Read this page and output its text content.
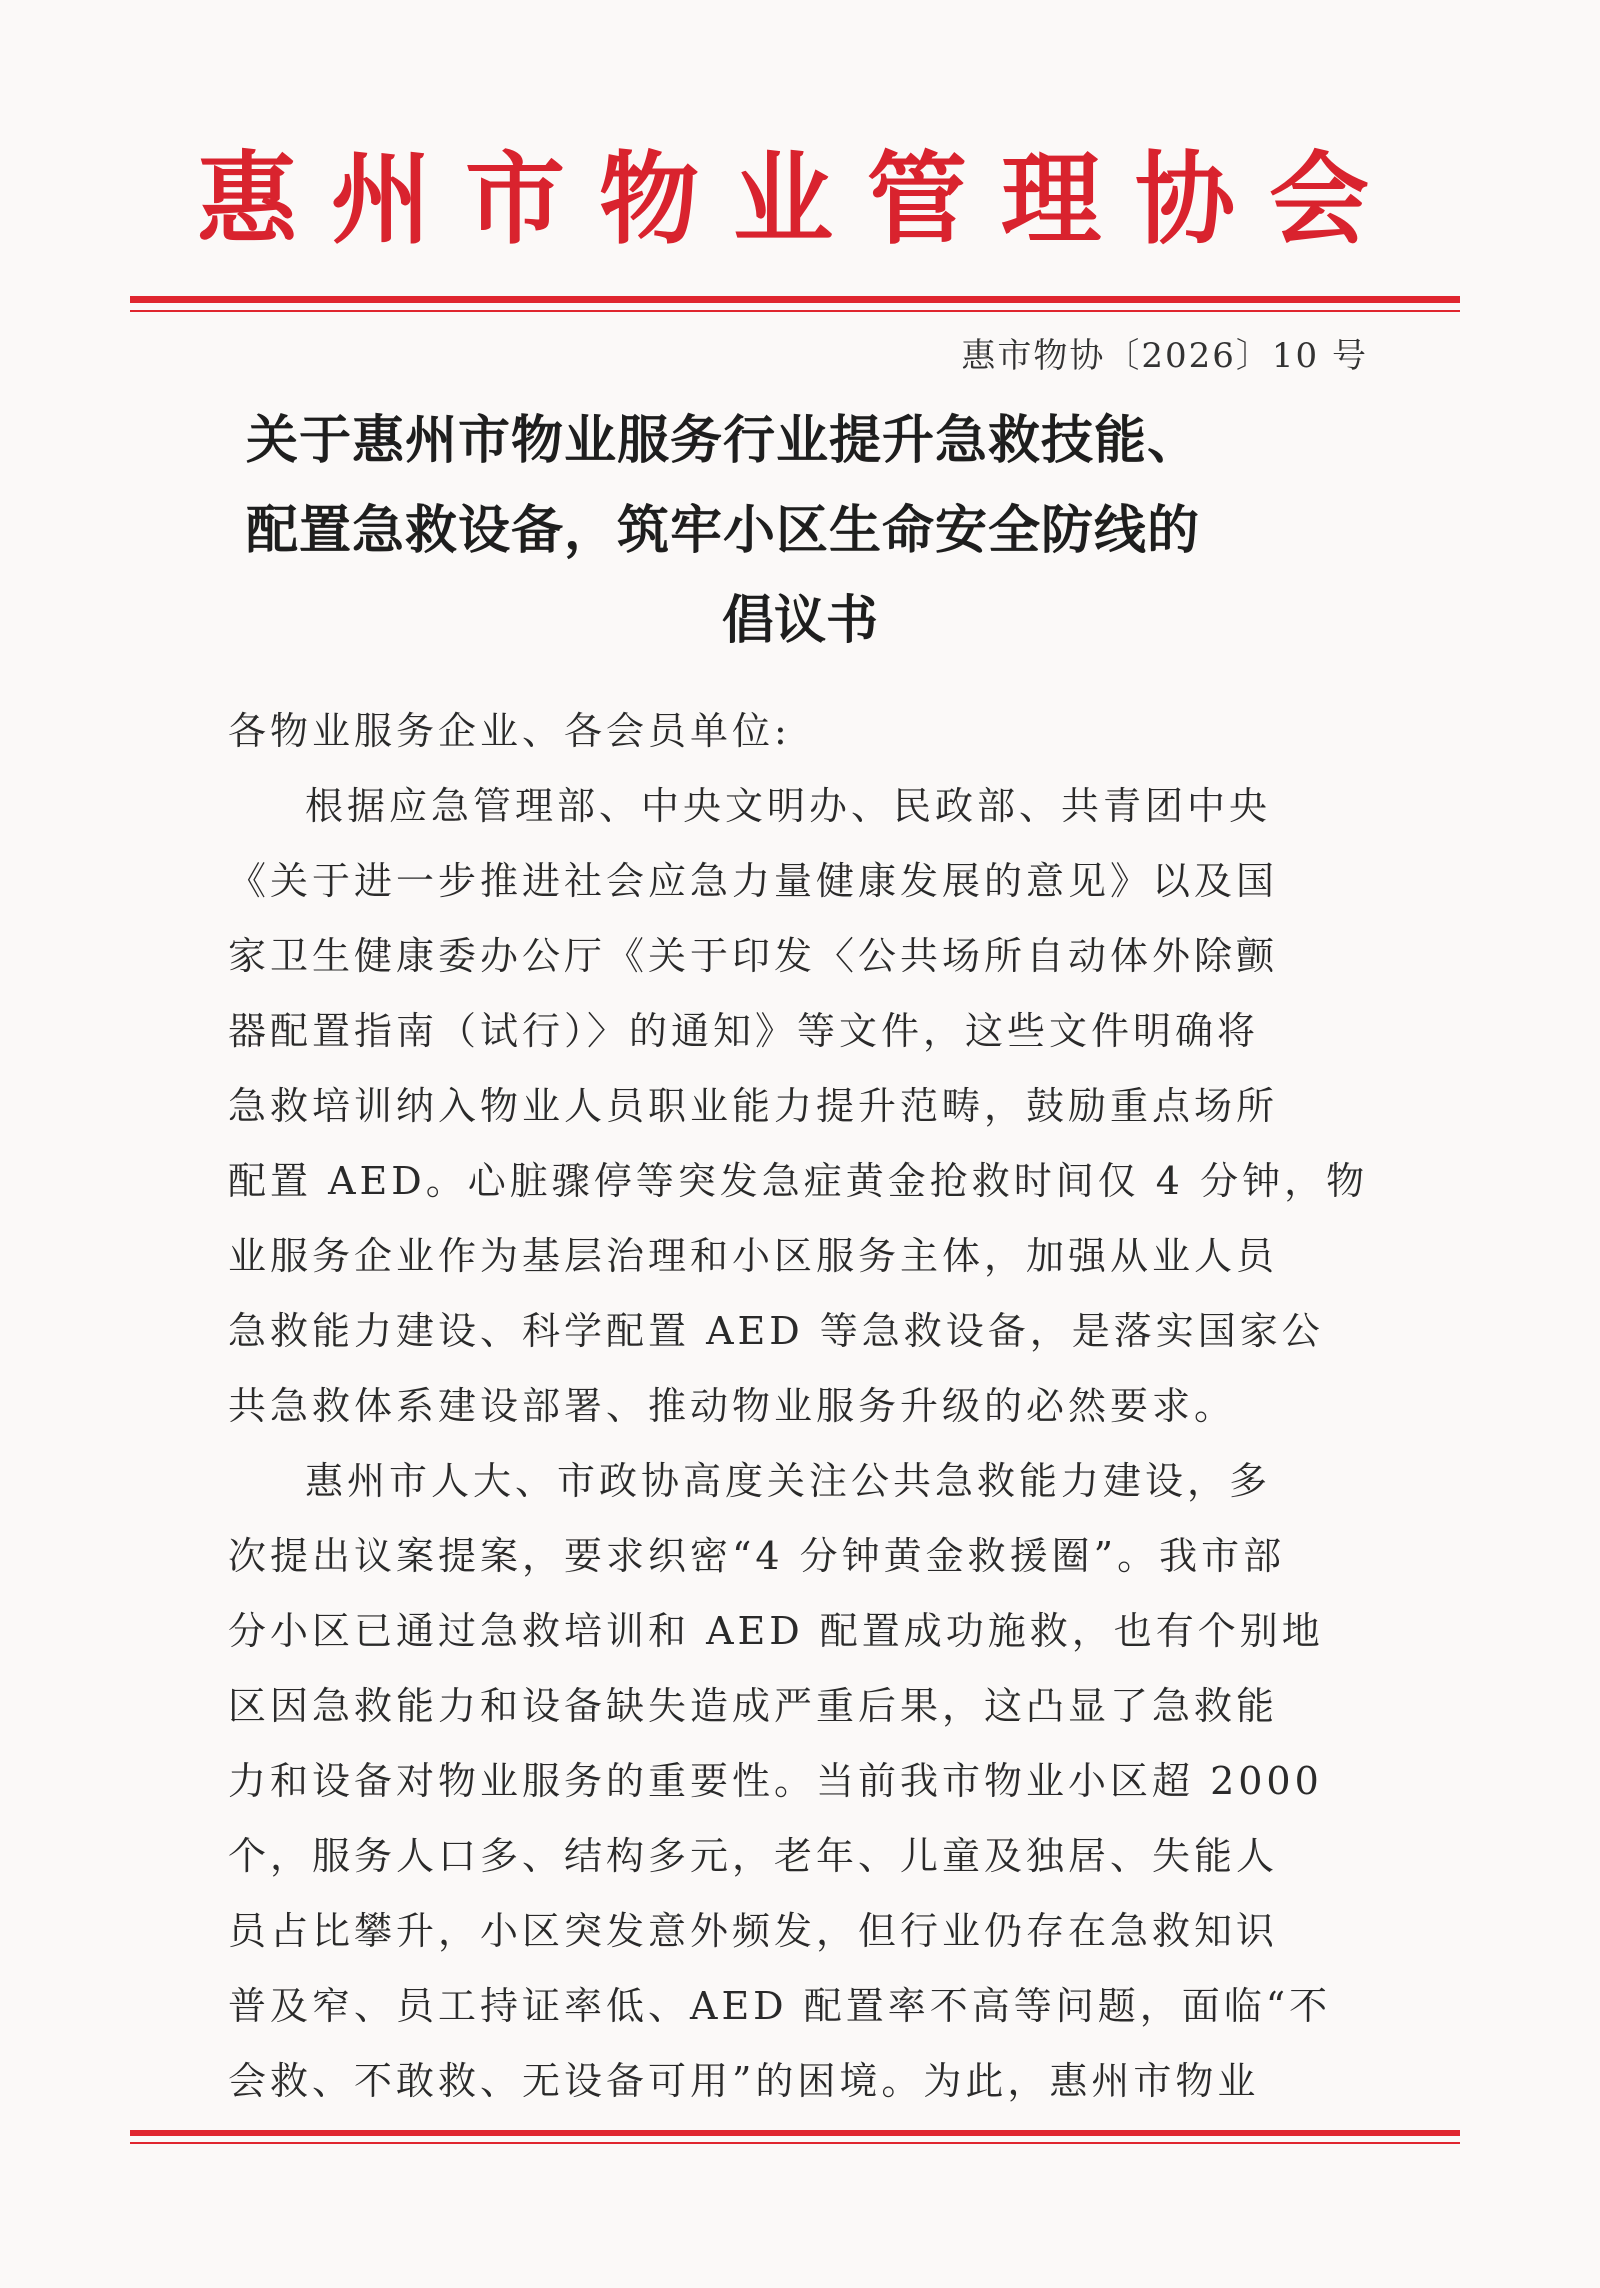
惠州市物业管理协会
惠市物协〔2026〕10 号
关于惠州市物业服务行业提升急救技能、
配置急救设备，筑牢小区生命安全防线的
倡议书
各物业服务企业、各会员单位:
根据应急管理部、中央文明办、民政部、共青团中央
《关于进一步推进社会应急力量健康发展的意见》以及国
家卫生健康委办公厅《关于印发〈公共场所自动体外除颤
器配置指南（试行）〉的通知》等文件，这些文件明确将
急救培训纳入物业人员职业能力提升范畴，鼓励重点场所
配置 AED。心脏骤停等突发急症黄金抢救时间仅 4 分钟，物
业服务企业作为基层治理和小区服务主体，加强从业人员
急救能力建设、科学配置 AED 等急救设备，是落实国家公
共急救体系建设部署、推动物业服务升级的必然要求。
惠州市人大、市政协高度关注公共急救能力建设，多
次提出议案提案，要求织密“4 分钟黄金救援圈”。我市部
分小区已通过急救培训和 AED 配置成功施救，也有个别地
区因急救能力和设备缺失造成严重后果，这凸显了急救能
力和设备对物业服务的重要性。当前我市物业小区超 2000
个，服务人口多、结构多元，老年、儿童及独居、失能人
员占比攀升，小区突发意外频发，但行业仍存在急救知识
普及窄、员工持证率低、AED 配置率不高等问题，面临“不
会救、不敢救、无设备可用”的困境。为此，惠州市物业
